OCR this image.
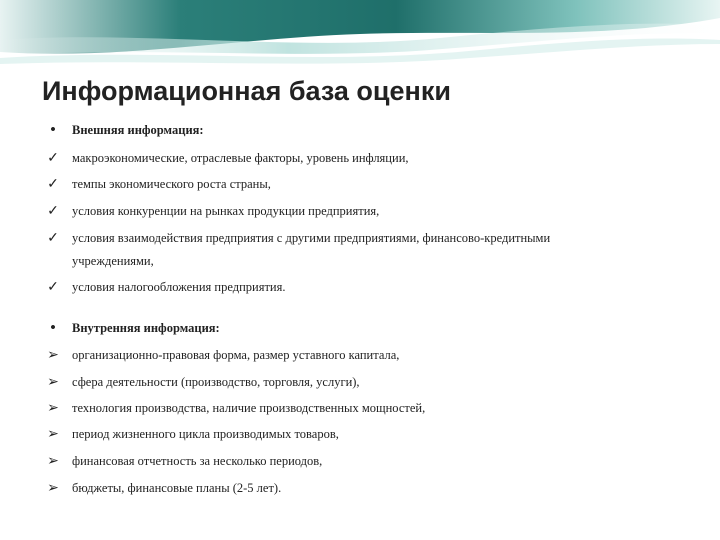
Информационная база оценки
•	Внешняя информация:
✓ макроэкономические, отраслевые факторы, уровень инфляции,
✓ темпы экономического роста страны,
✓ условия конкуренции на рынках продукции предприятия,
✓ условия взаимодействия предприятия с другими предприятиями, финансово-кредитными
учреждениями,
✓ условия налогообложения предприятия.
•	Внутренняя информация:
➢ организационно-правовая форма, размер уставного капитала,
➢ сфера деятельности (производство, торговля, услуги),
➢ технология производства, наличие производственных мощностей,
➢ период жизненного цикла производимых товаров,
➢ финансовая отчетность за несколько периодов,
➢ бюджеты, финансовые планы (2-5 лет).
